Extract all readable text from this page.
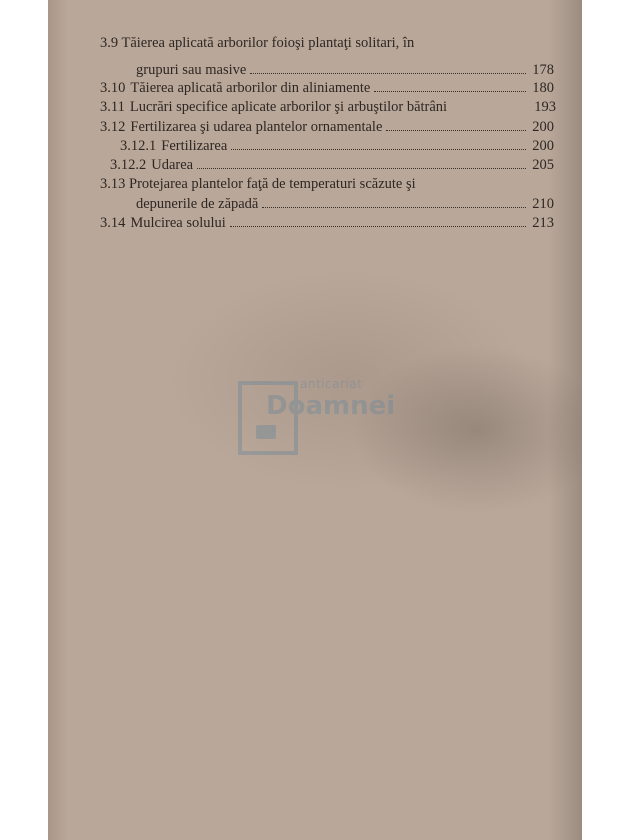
3.9 Tăierea aplicată arborilor foioşi plantaţi solitari, în
grupuri sau masive	178
3.10 Tăierea aplicată arborilor din aliniamente	180
3.11 Lucrări specifice aplicate arborilor şi arbuştilor bătrâni	193
3.12 Fertilizarea şi udarea plantelor ornamentale	200
3.12.1 Fertilizarea	200
3.12.2 Udarea	205
3.13 Protejarea plantelor faţă de temperaturi scăzute şi
depunerile de zăpadă	210
3.14 Mulcirea solului	213
anticariat
Doamnei
